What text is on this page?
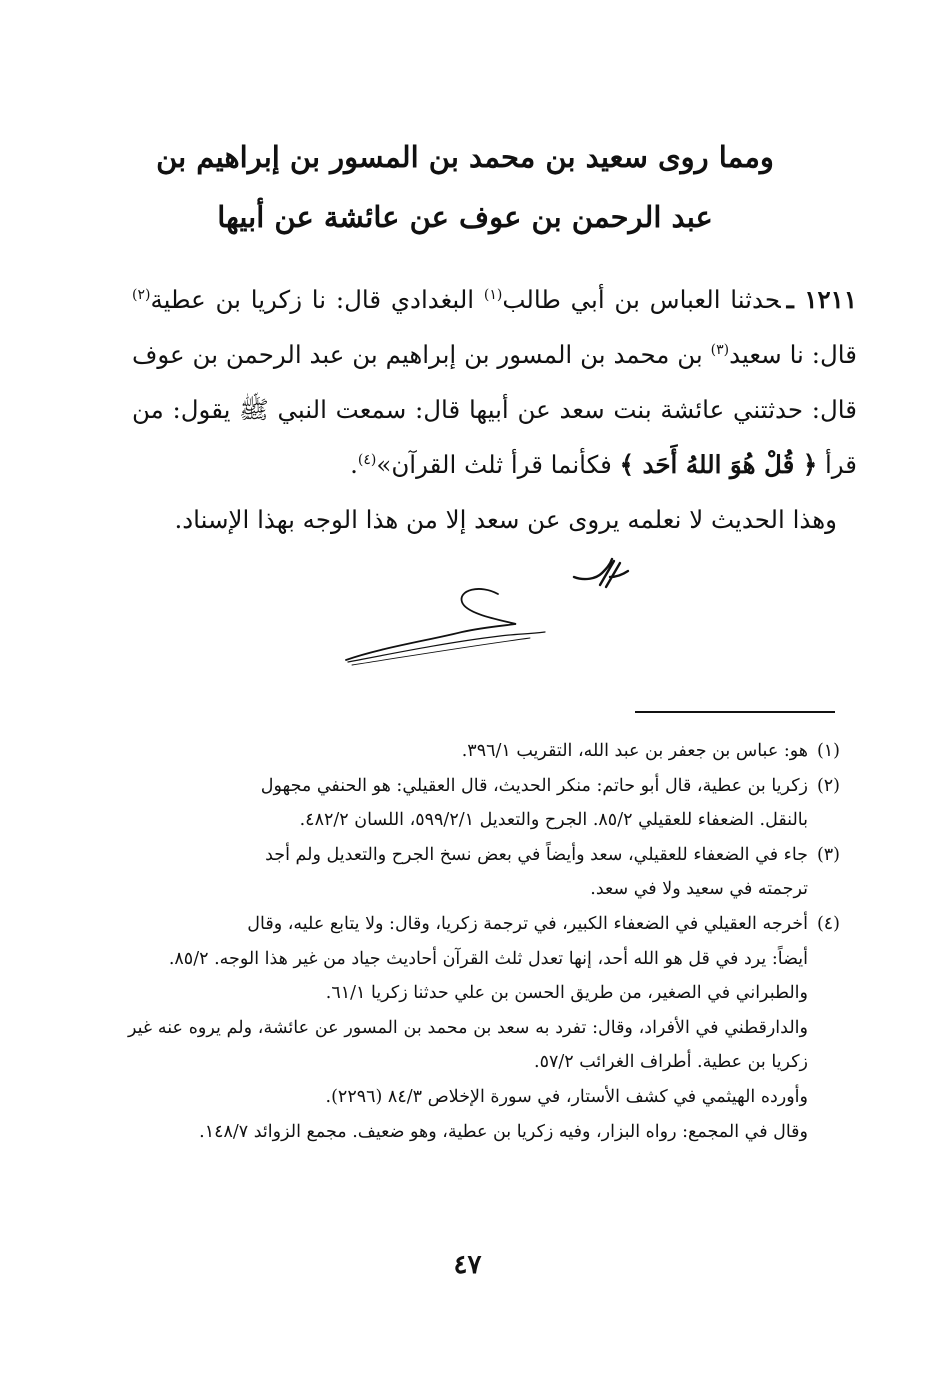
ومما روى سعيد بن محمد بن المسور بن إبراهيم بن
عبد الرحمن بن عوف عن عائشة عن أبيها

١٢١١ ـحدثنا العباس بن أبي طالب$^{(١)}$ البغدادي قال: نا زكريا بن عطية$^{(٢)}$ قال: نا سعيد$^{(٣)}$ بن محمد بن المسور بن إبراهيم بن عبد الرحمن بن عوف قال: حدثتني عائشة بنت سعد عن أبيها قال: سمعت النبي ﷺ يقول: من قرأ ﴿ قُلْ هُوَ اللهُ أَحَد ﴾ فكأنما قرأ ثلث القرآن»$^{(٤)}$.

وهذا الحديث لا نعلمه يروى عن سعد إلا من هذا الوجه بهذا الإسناد.

(١)هو: عباس بن جعفر بن عبد الله، التقريب ٣٩٦/١.

(٢)زكريا بن عطية، قال أبو حاتم: منكر الحديث، قال العقيلي: هو الحنفي مجهول

بالنقل. الضعفاء للعقيلي ٨٥/٢. الجرح والتعديل ٥٩٩/٢/١، اللسان ٤٨٢/٢.

(٣)جاء في الضعفاء للعقيلي، سعد وأيضاً في بعض نسخ الجرح والتعديل ولم أجد

ترجمته في سعيد ولا في سعد.

(٤)أخرجه العقيلي في الضعفاء الكبير، في ترجمة زكريا، وقال: ولا يتابع عليه، وقال

أيضاً: يرد في قل هو الله أحد، إنها تعدل ثلث القرآن أحاديث جياد من غير هذا الوجه. ٨٥/٢.

والطبراني في الصغير، من طريق الحسن بن علي حدثنا زكريا ٦١/١.

والدارقطني في الأفراد، وقال: تفرد به سعد بن محمد بن المسور عن عائشة، ولم يروه عنه غير زكريا بن عطية. أطراف الغرائب ٥٧/٢.

وأورده الهيثمي في كشف الأستار، في سورة الإخلاص ٨٤/٣ (٢٢٩٦).

وقال في المجمع: رواه البزار، وفيه زكريا بن عطية، وهو ضعيف. مجمع الزوائد ١٤٨/٧.

٤٧
